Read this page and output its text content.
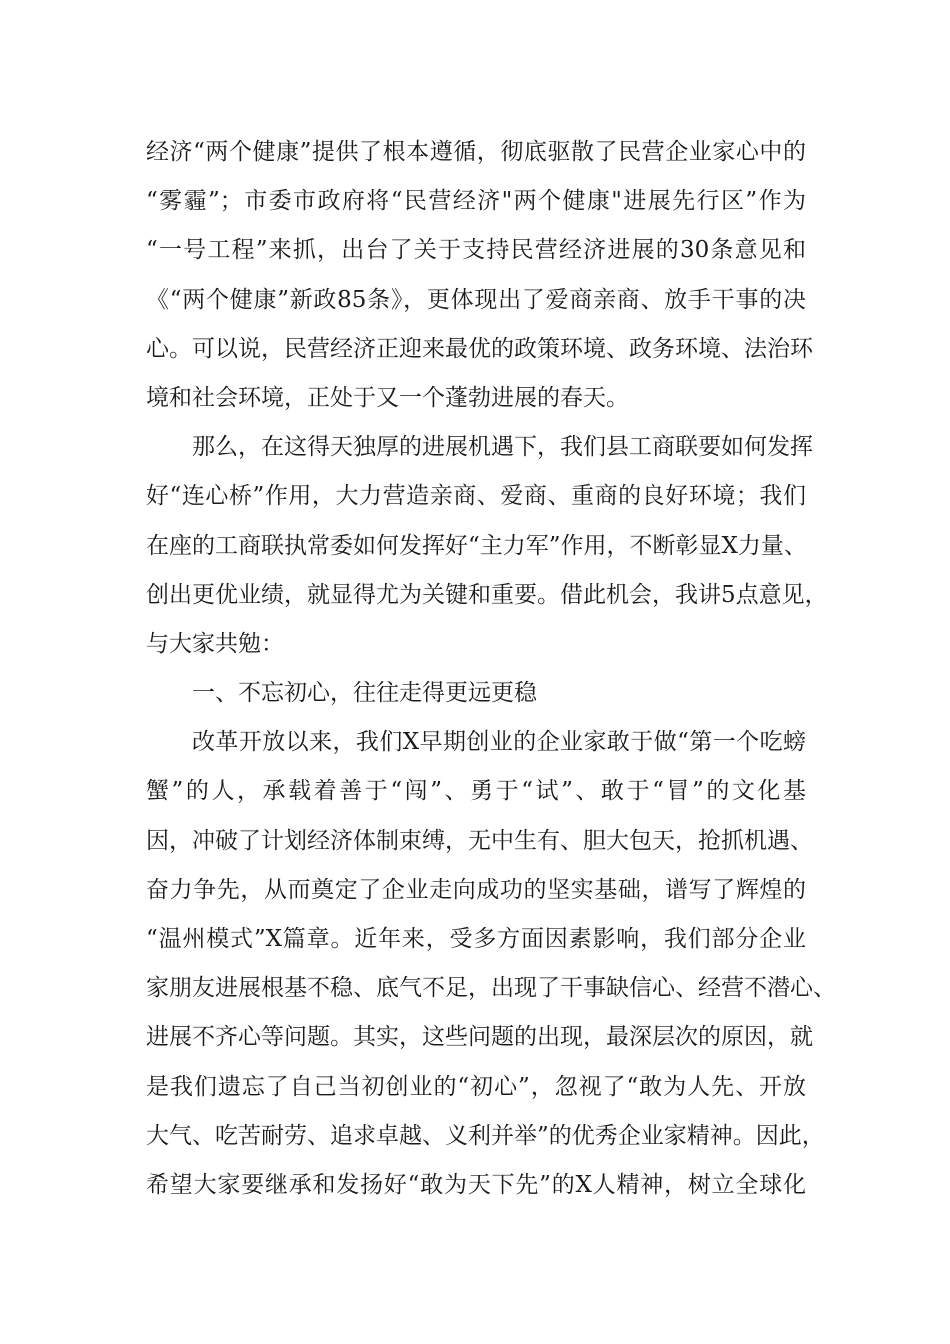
经济“两个健康”提供了根本遵循，彻底驱散了民营企业家心中的
“雾霾”；市委市政府将“民营经济"两个健康"进展先行区”作为
“一号工程”来抓，出台了关于支持民营经济进展的30条意见和
《“两个健康”新政85条》，更体现出了爱商亲商、放手干事的决
心。可以说，民营经济正迎来最优的政策环境、政务环境、法治环
境和社会环境，正处于又一个蓬勃进展的春天。
那么，在这得天独厚的进展机遇下，我们县工商联要如何发挥
好“连心桥”作用，大力营造亲商、爱商、重商的良好环境；我们
在座的工商联执常委如何发挥好“主力军”作用，不断彰显X力量、
创出更优业绩，就显得尤为关键和重要。借此机会，我讲5点意见，
与大家共勉：
一、不忘初心，往往走得更远更稳
改革开放以来，我们X早期创业的企业家敢于做“第一个吃螃
蟹”的人，承载着善于“闯”、勇于“试”、敢于“冒”的文化基
因，冲破了计划经济体制束缚，无中生有、胆大包天，抢抓机遇、
奋力争先，从而奠定了企业走向成功的坚实基础，谱写了辉煌的
“温州模式”X篇章。近年来，受多方面因素影响，我们部分企业
家朋友进展根基不稳、底气不足，出现了干事缺信心、经营不潜心、
进展不齐心等问题。其实，这些问题的出现，最深层次的原因，就
是我们遗忘了自己当初创业的“初心”，忽视了“敢为人先、开放
大气、吃苦耐劳、追求卓越、义利并举”的优秀企业家精神。因此，
希望大家要继承和发扬好“敢为天下先”的X人精神，树立全球化
